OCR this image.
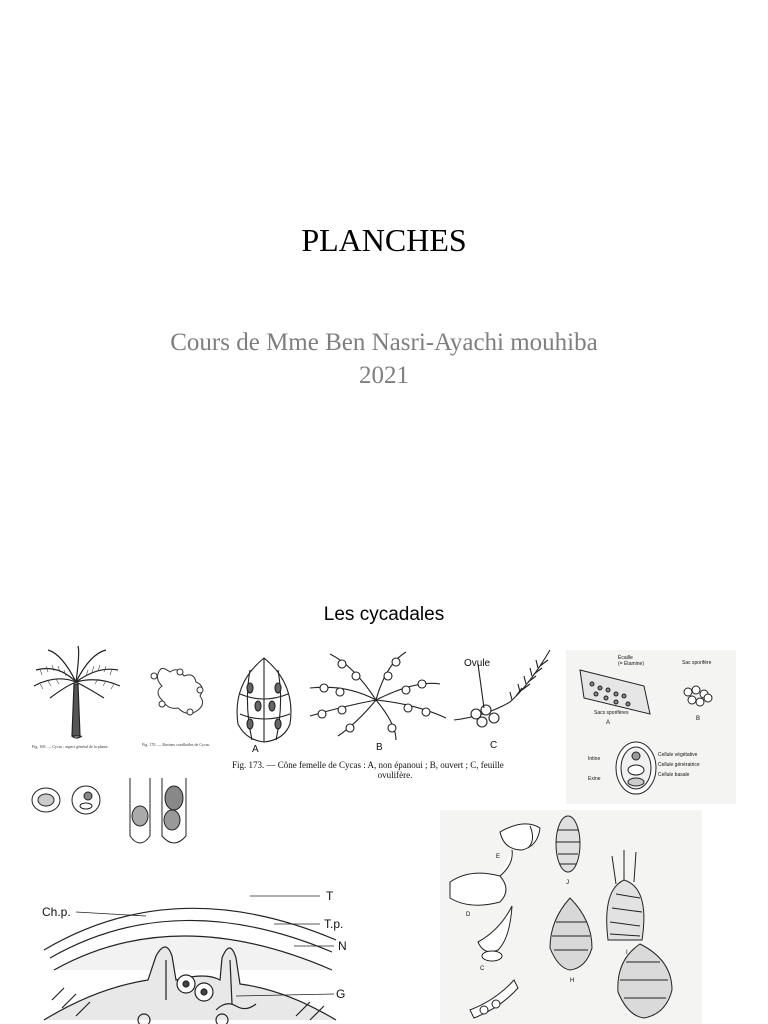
PLANCHES
Cours de Mme Ben Nasri-Ayachi mouhiba
2021
Les cycadales
Fig. 169. — Cycas ; aspect général de la plante.	Fig. 170. — Racines coralloïdes de Cycas.	A	B	C
Ovule
Fig. 173. — Cône femelle de Cycas : A, non épanoui ; B, ouvert ; C, feuille
ovulifère.
Écaille
(= Étamine)
Sacs sporifères
Sac sporifère
A
B
Intine
Exine
Cellule végétative
Cellule génératrice
Cellule basale
Ch.p.
T
T.p.
N
G
E
J
I
D
C
H
